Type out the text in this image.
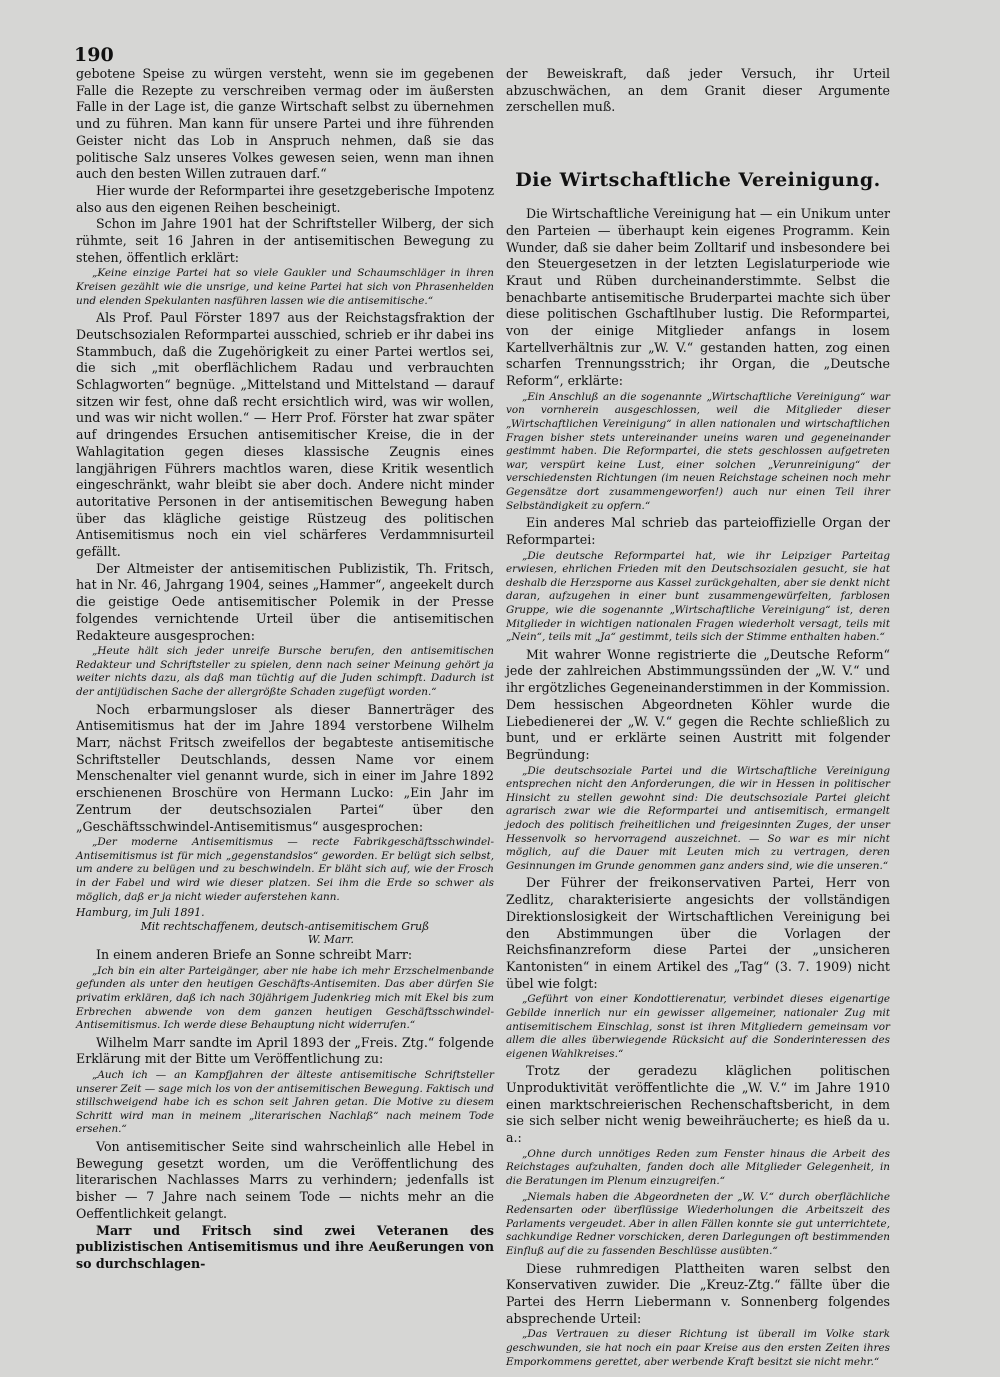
190

gebotene Speise zu würgen versteht, wenn sie im gegebenen Falle die Rezepte zu verschreiben vermag oder im äußersten Falle in der Lage ist, die ganze Wirtschaft selbst zu übernehmen und zu führen. Man kann für unsere Partei und ihre führenden Geister nicht das Lob in Anspruch nehmen, daß sie das politische Salz unseres Volkes gewesen seien, wenn man ihnen auch den besten Willen zutrauen darf.“

Hier wurde der Reformpartei ihre gesetzgeberische Impotenz also aus den eigenen Reihen bescheinigt.

Schon im Jahre 1901 hat der Schriftsteller Wilberg, der sich rühmte, seit 16 Jahren in der antisemitischen Bewegung zu stehen, öffentlich erklärt:

„Keine einzige Partei hat so viele Gaukler und Schaumschläger in ihren Kreisen gezählt wie die unsrige, und keine Partei hat sich von Phrasenhelden und elenden Spekulanten nasführen lassen wie die antisemitische.“

Als Prof. Paul Förster 1897 aus der Reichstagsfraktion der Deutschsozialen Reformpartei ausschied, schrieb er ihr dabei ins Stammbuch, daß die Zugehörigkeit zu einer Partei wertlos sei, die sich „mit oberflächlichem Radau und verbrauchten Schlagworten“ begnüge. „Mittelstand und Mittelstand — darauf sitzen wir fest, ohne daß recht ersichtlich wird, was wir wollen, und was wir nicht wollen.“ — Herr Prof. Förster hat zwar später auf dringendes Ersuchen antisemitischer Kreise, die in der Wahlagitation gegen dieses klassische Zeugnis eines langjährigen Führers machtlos waren, diese Kritik wesentlich eingeschränkt, wahr bleibt sie aber doch. Andere nicht minder autoritative Personen in der antisemitischen Bewegung haben über das klägliche geistige Rüstzeug des politischen Antisemitismus noch ein viel schärferes Verdammnisurteil gefällt.

Der Altmeister der antisemitischen Publizistik, Th. Fritsch, hat in Nr. 46, Jahrgang 1904, seines „Hammer“, angeekelt durch die geistige Oede antisemitischer Polemik in der Presse folgendes vernichtende Urteil über die antisemitischen Redakteure ausgesprochen:

„Heute hält sich jeder unreife Bursche berufen, den antisemitischen Redakteur und Schriftsteller zu spielen, denn nach seiner Meinung gehört ja weiter nichts dazu, als daß man tüchtig auf die Juden schimpft. Dadurch ist der antijüdischen Sache der allergrößte Schaden zugefügt worden.“

Noch erbarmungsloser als dieser Bannerträger des Antisemitismus hat der im Jahre 1894 verstorbene Wilhelm Marr, nächst Fritsch zweifellos der begabteste antisemitische Schriftsteller Deutschlands, dessen Name vor einem Menschenalter viel genannt wurde, sich in einer im Jahre 1892 erschienenen Broschüre von Hermann Lucko: „Ein Jahr im Zentrum der deutschsozialen Partei“ über den „Geschäftsschwindel-Antisemitismus“ ausgesprochen:

„Der moderne Antisemitismus — recte Fabrikgeschäftsschwindel-Antisemitismus ist für mich „gegenstandslos“ geworden. Er belügt sich selbst, um andere zu belügen und zu beschwindeln. Er bläht sich auf, wie der Frosch in der Fabel und wird wie dieser platzen. Sei ihm die Erde so schwer als möglich, daß er ja nicht wieder auferstehen kann.

Hamburg, im Juli 1891.

Mit rechtschaffenem, deutsch-antisemitischem Gruß

W. Marr.

In einem anderen Briefe an Sonne schreibt Marr:

„Ich bin ein alter Parteigänger, aber nie habe ich mehr Erzschelmenbande gefunden als unter den heutigen Geschäfts-Antisemiten. Das aber dürfen Sie privatim erklären, daß ich nach 30jährigem Judenkrieg mich mit Ekel bis zum Erbrechen abwende von dem ganzen heutigen Geschäftsschwindel-Antisemitismus. Ich werde diese Behauptung nicht widerrufen.“

Wilhelm Marr sandte im April 1893 der „Freis. Ztg.“ folgende Erklärung mit der Bitte um Veröffentlichung zu:

„Auch ich — an Kampfjahren der älteste antisemitische Schriftsteller unserer Zeit — sage mich los von der antisemitischen Bewegung. Faktisch und stillschweigend habe ich es schon seit Jahren getan. Die Motive zu diesem Schritt wird man in meinem „literarischen Nachlaß“ nach meinem Tode ersehen.“

Von antisemitischer Seite sind wahrscheinlich alle Hebel in Bewegung gesetzt worden, um die Veröffentlichung des literarischen Nachlasses Marrs zu verhindern; jedenfalls ist bisher — 7 Jahre nach seinem Tode — nichts mehr an die Oeffentlichkeit gelangt.

Marr und Fritsch sind zwei Veteranen des publizistischen Antisemitismus und ihre Aeußerungen von so durchschlagen-

der Beweiskraft, daß jeder Versuch, ihr Urteil abzuschwächen, an dem Granit dieser Argumente zerschellen muß.

Die Wirtschaftliche Vereinigung.

Die Wirtschaftliche Vereinigung hat — ein Unikum unter den Parteien — überhaupt kein eigenes Programm. Kein Wunder, daß sie daher beim Zolltarif und insbesondere bei den Steuergesetzen in der letzten Legislaturperiode wie Kraut und Rüben durcheinanderstimmte. Selbst die benachbarte antisemitische Bruderpartei machte sich über diese politischen Gschaftlhuber lustig. Die Reformpartei, von der einige Mitglieder anfangs in losem Kartellverhältnis zur „W. V.“ gestanden hatten, zog einen scharfen Trennungsstrich; ihr Organ, die „Deutsche Reform“, erklärte:

„Ein Anschluß an die sogenannte „Wirtschaftliche Vereinigung“ war von vornherein ausgeschlossen, weil die Mitglieder dieser „Wirtschaftlichen Vereinigung“ in allen nationalen und wirtschaftlichen Fragen bisher stets untereinander uneins waren und gegeneinander gestimmt haben. Die Reformpartei, die stets geschlossen aufgetreten war, verspürt keine Lust, einer solchen „Verunreinigung“ der verschiedensten Richtungen (im neuen Reichstage scheinen noch mehr Gegensätze dort zusammengeworfen!) auch nur einen Teil ihrer Selbständigkeit zu opfern.“

Ein anderes Mal schrieb das parteioffizielle Organ der Reformpartei:

„Die deutsche Reformpartei hat, wie ihr Leipziger Parteitag erwiesen, ehrlichen Frieden mit den Deutschsozialen gesucht, sie hat deshalb die Herzsporne aus Kassel zurückgehalten, aber sie denkt nicht daran, aufzugehen in einer bunt zusammengewürfelten, farblosen Gruppe, wie die sogenannte „Wirtschaftliche Vereinigung“ ist, deren Mitglieder in wichtigen nationalen Fragen wiederholt versagt, teils mit „Nein“, teils mit „Ja“ gestimmt, teils sich der Stimme enthalten haben.“

Mit wahrer Wonne registrierte die „Deutsche Reform“ jede der zahlreichen Abstimmungssünden der „W. V.“ und ihr ergötzliches Gegeneinanderstimmen in der Kommission. Dem hessischen Abgeordneten Köhler wurde die Liebedienerei der „W. V.“ gegen die Rechte schließlich zu bunt, und er erklärte seinen Austritt mit folgender Begründung:

„Die deutschsoziale Partei und die Wirtschaftliche Vereinigung entsprechen nicht den Anforderungen, die wir in Hessen in politischer Hinsicht zu stellen gewohnt sind: Die deutschsoziale Partei gleicht agrarisch zwar wie die Reformpartei und antisemitisch, ermangelt jedoch des politisch freiheitlichen und freigesinnten Zuges, der unser Hessenvolk so hervorragend auszeichnet. — So war es mir nicht möglich, auf die Dauer mit Leuten mich zu vertragen, deren Gesinnungen im Grunde genommen ganz anders sind, wie die unseren.“

Der Führer der freikonservativen Partei, Herr von Zedlitz, charakterisierte angesichts der vollständigen Direktionslosigkeit der Wirtschaftlichen Vereinigung bei den Abstimmungen über die Vorlagen der Reichsfinanzreform diese Partei der „unsicheren Kantonisten“ in einem Artikel des „Tag“ (3. 7. 1909) nicht übel wie folgt:

„Geführt von einer Kondottierenatur, verbindet dieses eigenartige Gebilde innerlich nur ein gewisser allgemeiner, nationaler Zug mit antisemitischem Einschlag, sonst ist ihren Mitgliedern gemeinsam vor allem die alles überwiegende Rücksicht auf die Sonderinteressen des eigenen Wahlkreises.“

Trotz der geradezu kläglichen politischen Unproduktivität veröffentlichte die „W. V.“ im Jahre 1910 einen marktschreierischen Rechenschaftsbericht, in dem sie sich selber nicht wenig beweihräucherte; es hieß da u. a.:

„Ohne durch unnötiges Reden zum Fenster hinaus die Arbeit des Reichstages aufzuhalten, fanden doch alle Mitglieder Gelegenheit, in die Beratungen im Plenum einzugreifen.“

„Niemals haben die Abgeordneten der „W. V.“ durch oberflächliche Redensarten oder überflüssige Wiederholungen die Arbeitszeit des Parlaments vergeudet. Aber in allen Fällen konnte sie gut unterrichtete, sachkundige Redner vorschicken, deren Darlegungen oft bestimmenden Einfluß auf die zu fassenden Beschlüsse ausübten.“

Diese ruhmredigen Plattheiten waren selbst den Konservativen zuwider. Die „Kreuz-Ztg.“ fällte über die Partei des Herrn Liebermann v. Sonnenberg folgendes absprechende Urteil:

„Das Vertrauen zu dieser Richtung ist überall im Volke stark geschwunden, sie hat noch ein paar Kreise aus den ersten Zeiten ihres Emporkommens gerettet, aber werbende Kraft besitzt sie nicht mehr.“
